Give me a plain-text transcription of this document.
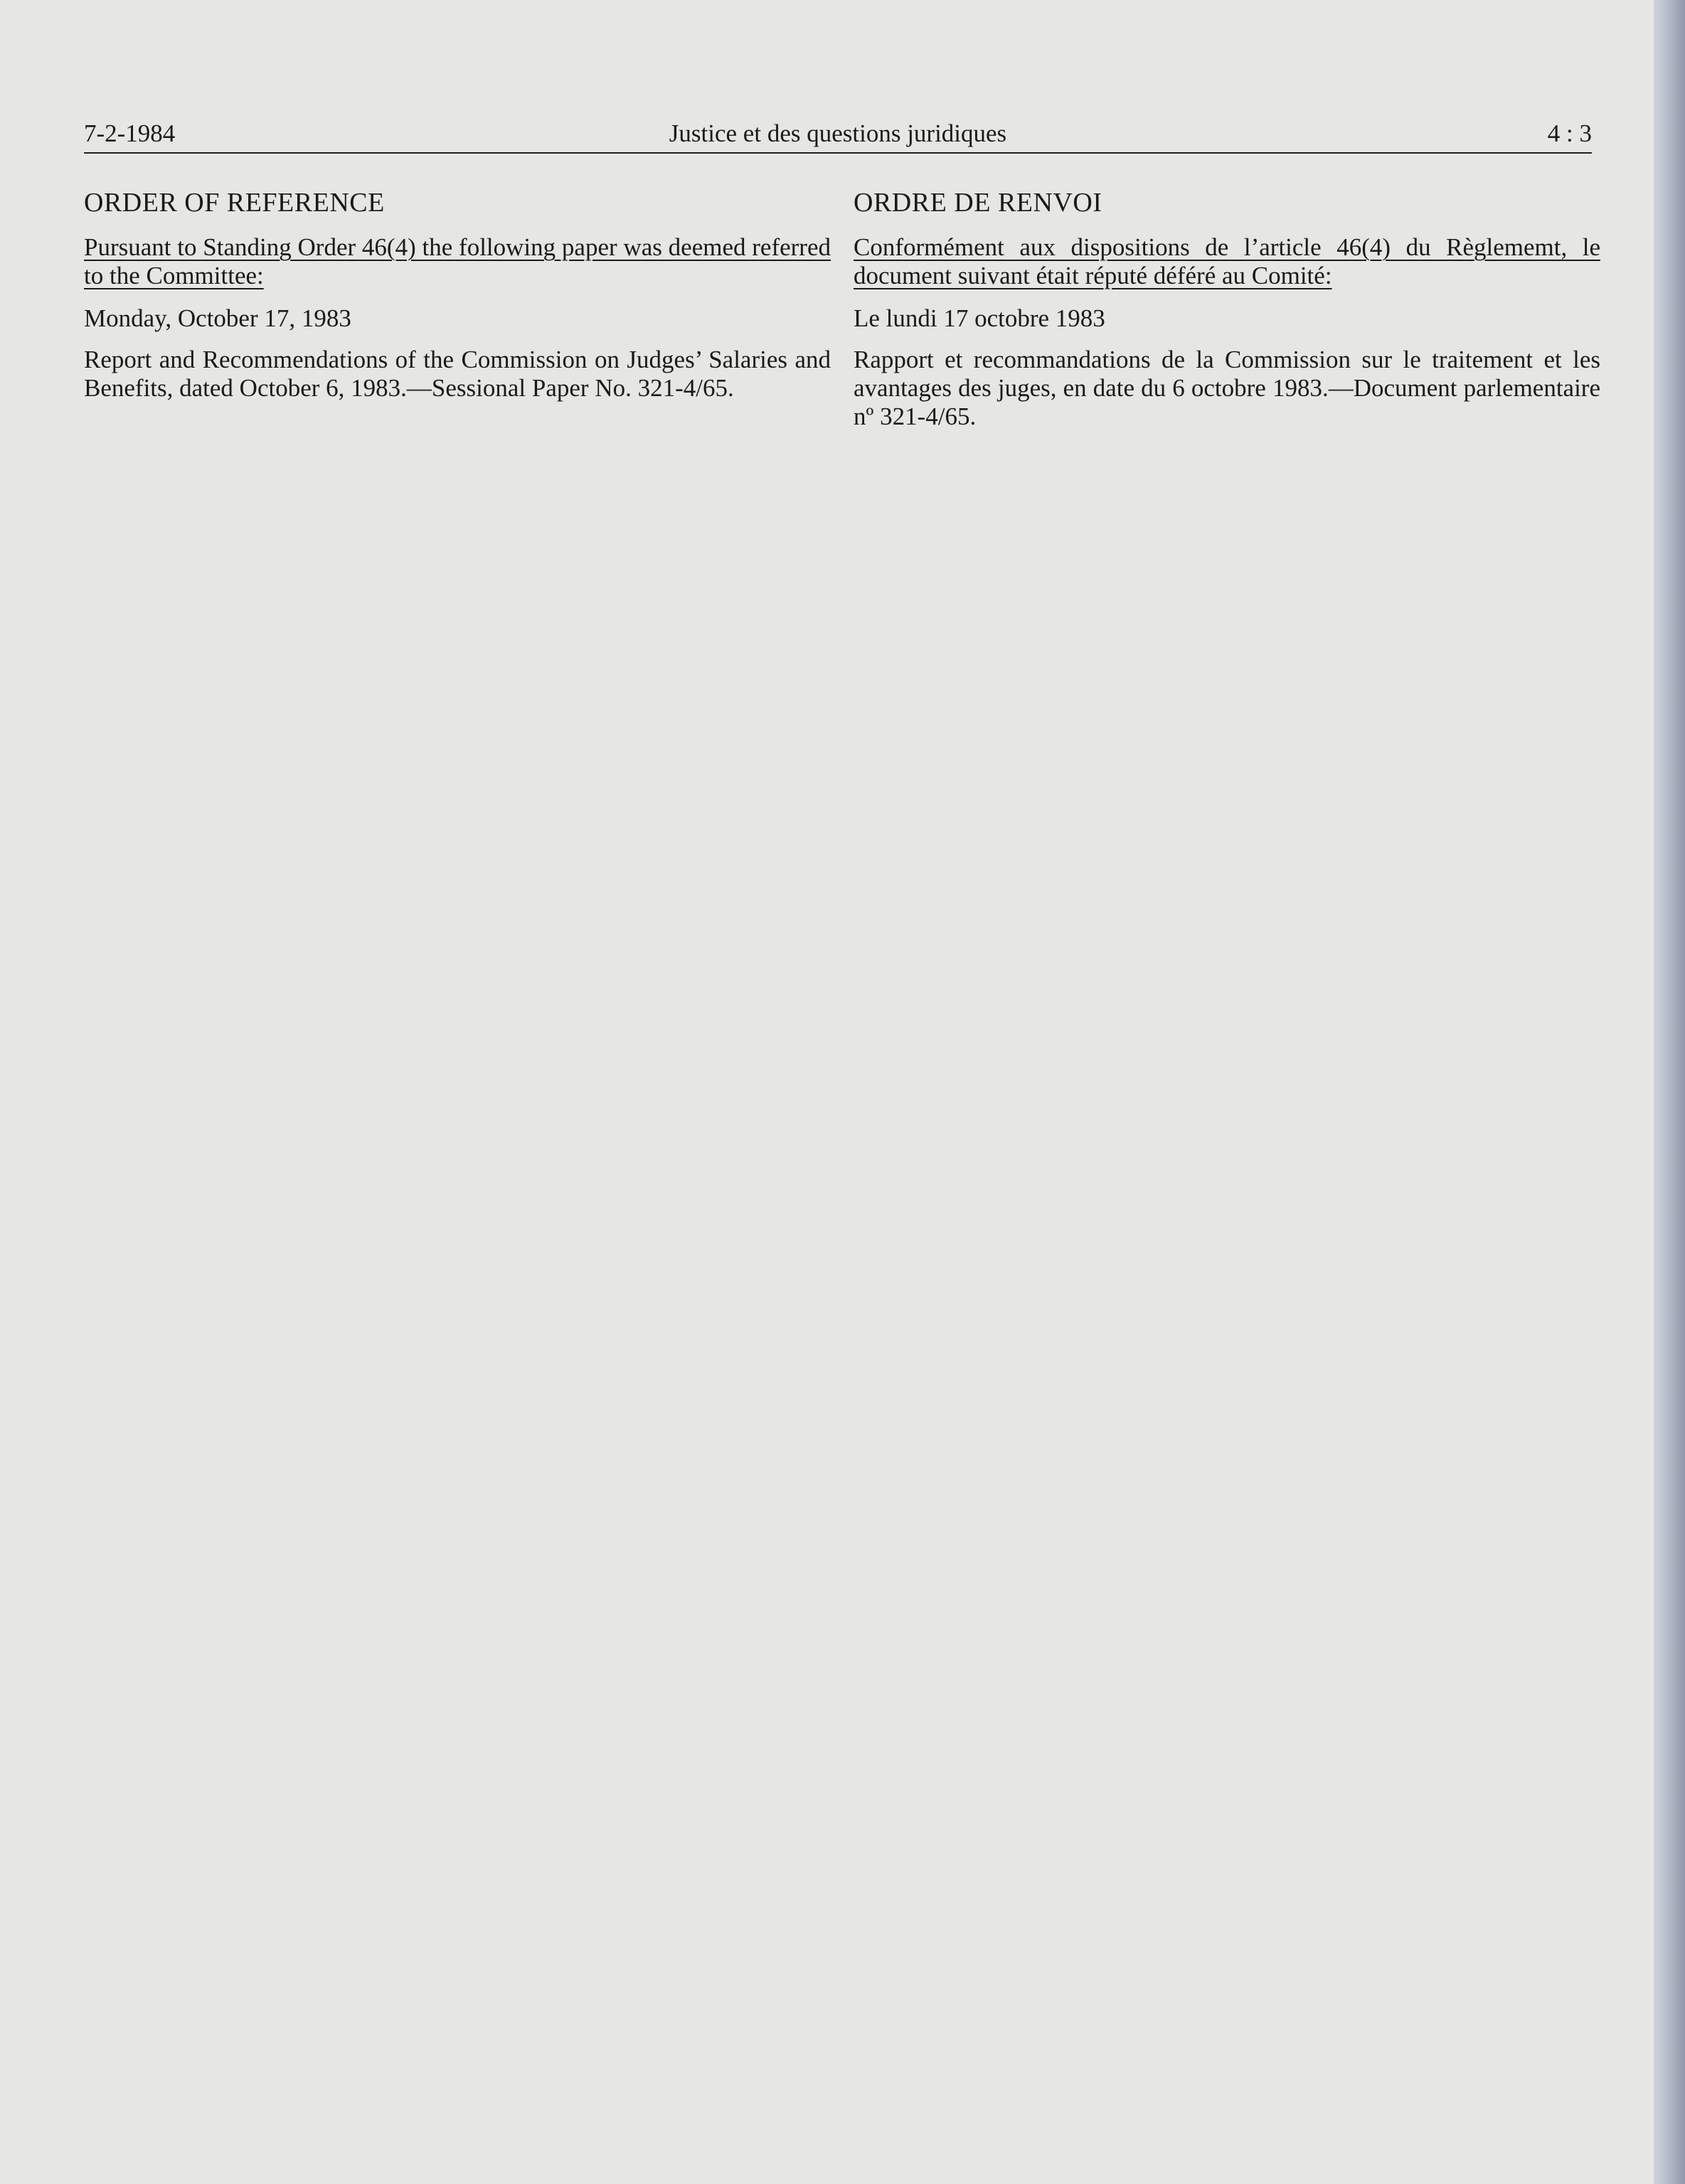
7-2-1984	Justice et des questions juridiques	4 : 3
ORDER OF REFERENCE

Pursuant to Standing Order 46(4) the following paper was deemed referred to the Committee:

Monday, October 17, 1983

Report and Recommendations of the Commission on Judges’ Salaries and Benefits, dated October 6, 1983.—Sessional Paper No. 321-4/65.

ORDRE DE RENVOI

Conformément aux dispositions de l’article 46(4) du Règlememt, le document suivant était réputé déféré au Comité:

Le lundi 17 octobre 1983

Rapport et recommandations de la Commission sur le traitement et les avantages des juges, en date du 6 octobre 1983.—Document parlementaire nº 321-4/65.
